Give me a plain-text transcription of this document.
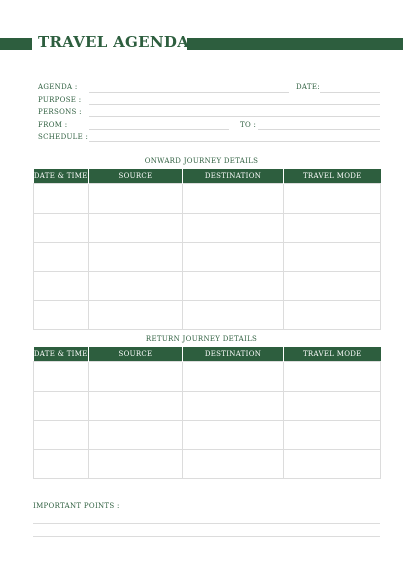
TRAVEL AGENDA
AGENDA :	DATE:
PURPOSE :
PERSONS :
FROM :	TO :
SCHEDULE :
ONWARD JOURNEY DETAILS
DATE & TIME	SOURCE	DESTINATION	TRAVEL MODE

RETURN JOURNEY DETAILS
DATE & TIME	SOURCE	DESTINATION	TRAVEL MODE

IMPORTANT POINTS :
